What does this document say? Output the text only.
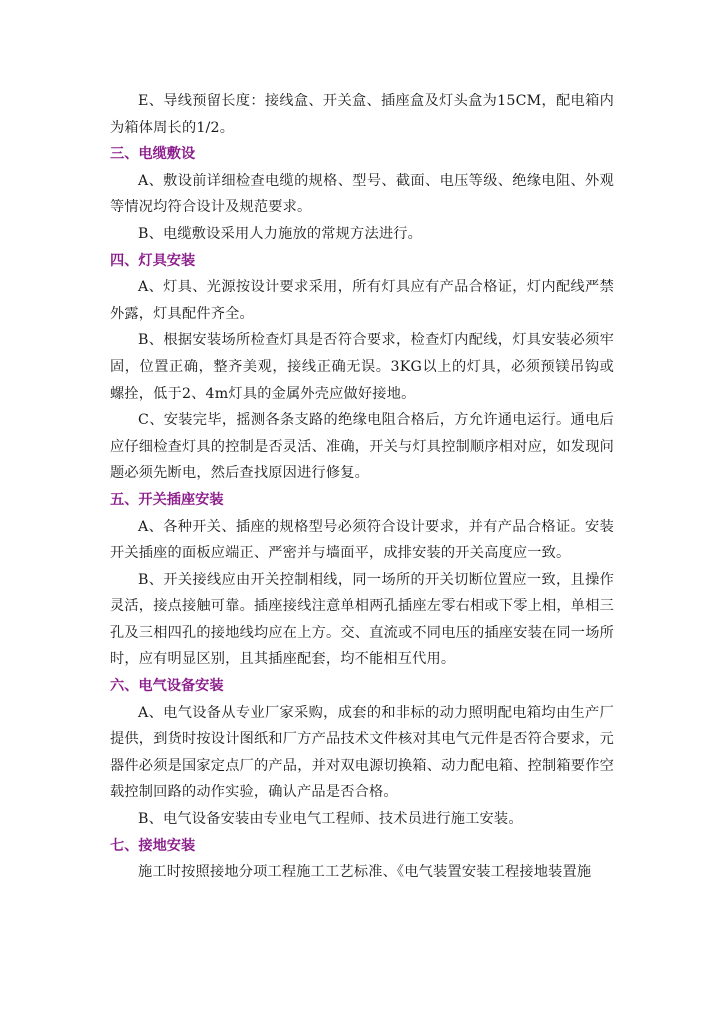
E、导线预留长度：接线盒、开关盒、插座盒及灯头盒为15CM，配电箱内为箱体周长的1/2。

三、电缆敷设

A、敷设前详细检查电缆的规格、型号、截面、电压等级、绝缘电阻、外观等情况均符合设计及规范要求。

B、电缆敷设采用人力施放的常规方法进行。

四、灯具安装

A、灯具、光源按设计要求采用，所有灯具应有产品合格证，灯内配线严禁外露，灯具配件齐全。

B、根据安装场所检查灯具是否符合要求，检查灯内配线，灯具安装必须牢固，位置正确，整齐美观，接线正确无误。3KG以上的灯具，必须预镁吊钩或螺拴，低于2、4m灯具的金属外壳应做好接地。

C、安装完毕，摇测各条支路的绝缘电阻合格后，方允许通电运行。通电后应仔细检查灯具的控制是否灵活、准确，开关与灯具控制顺序相对应，如发现问题必须先断电，然后查找原因进行修复。

五、开关插座安装

A、各种开关、插座的规格型号必须符合设计要求，并有产品合格证。安装开关插座的面板应端正、严密并与墙面平，成排安装的开关高度应一致。

B、开关接线应由开关控制相线，同一场所的开关切断位置应一致，且操作灵活，接点接触可靠。插座接线注意单相两孔插座左零右相或下零上相，单相三孔及三相四孔的接地线均应在上方。交、直流或不同电压的插座安装在同一场所时，应有明显区别，且其插座配套，均不能相互代用。

六、电气设备安装

A、电气设备从专业厂家采购，成套的和非标的动力照明配电箱均由生产厂提供，到货时按设计图纸和厂方产品技术文件核对其电气元件是否符合要求，元器件必须是国家定点厂的产品，并对双电源切换箱、动力配电箱、控制箱要作空载控制回路的动作实验，确认产品是否合格。

B、电气设备安装由专业电气工程师、技术员进行施工安装。

七、接地安装

施工时按照接地分项工程施工工艺标准、《电气装置安装工程接地装置施
